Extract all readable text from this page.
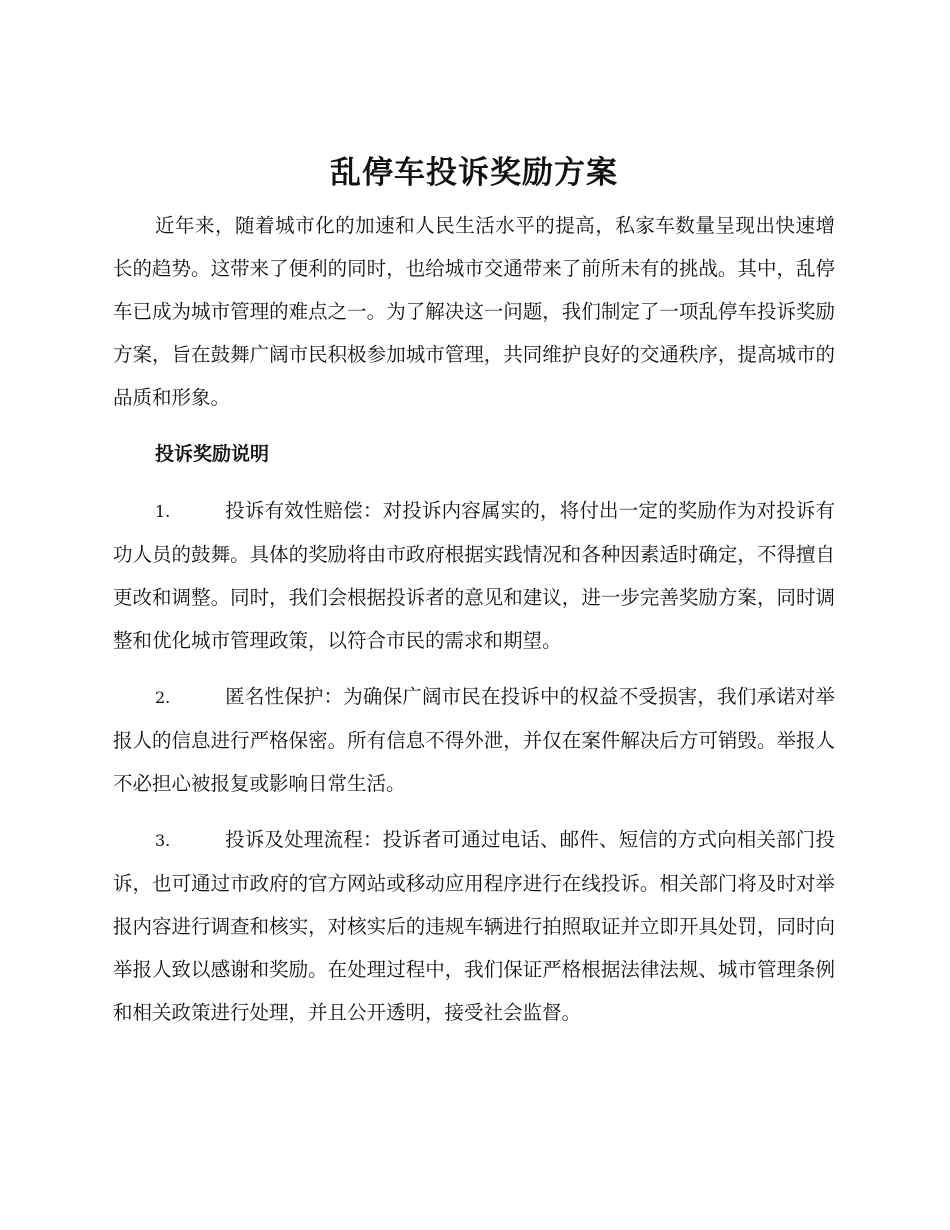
乱停车投诉奖励方案

近年来，随着城市化的加速和人民生活水平的提高，私家车数量呈现出快速增长的趋势。这带来了便利的同时，也给城市交通带来了前所未有的挑战。其中，乱停车已成为城市管理的难点之一。为了解决这一问题，我们制定了一项乱停车投诉奖励方案，旨在鼓舞广阔市民积极参加城市管理，共同维护良好的交通秩序，提高城市的品质和形象。

投诉奖励说明

1.	投诉有效性赔偿：对投诉内容属实的，将付出一定的奖励作为对投诉有功人员的鼓舞。具体的奖励将由市政府根据实践情况和各种因素适时确定，不得擅自更改和调整。同时，我们会根据投诉者的意见和建议，进一步完善奖励方案，同时调整和优化城市管理政策，以符合市民的需求和期望。

2.	匿名性保护：为确保广阔市民在投诉中的权益不受损害，我们承诺对举报人的信息进行严格保密。所有信息不得外泄，并仅在案件解决后方可销毁。举报人不必担心被报复或影响日常生活。

3.	投诉及处理流程：投诉者可通过电话、邮件、短信的方式向相关部门投诉，也可通过市政府的官方网站或移动应用程序进行在线投诉。相关部门将及时对举报内容进行调查和核实，对核实后的违规车辆进行拍照取证并立即开具处罚，同时向举报人致以感谢和奖励。在处理过程中，我们保证严格根据法律法规、城市管理条例和相关政策进行处理，并且公开透明，接受社会监督。
